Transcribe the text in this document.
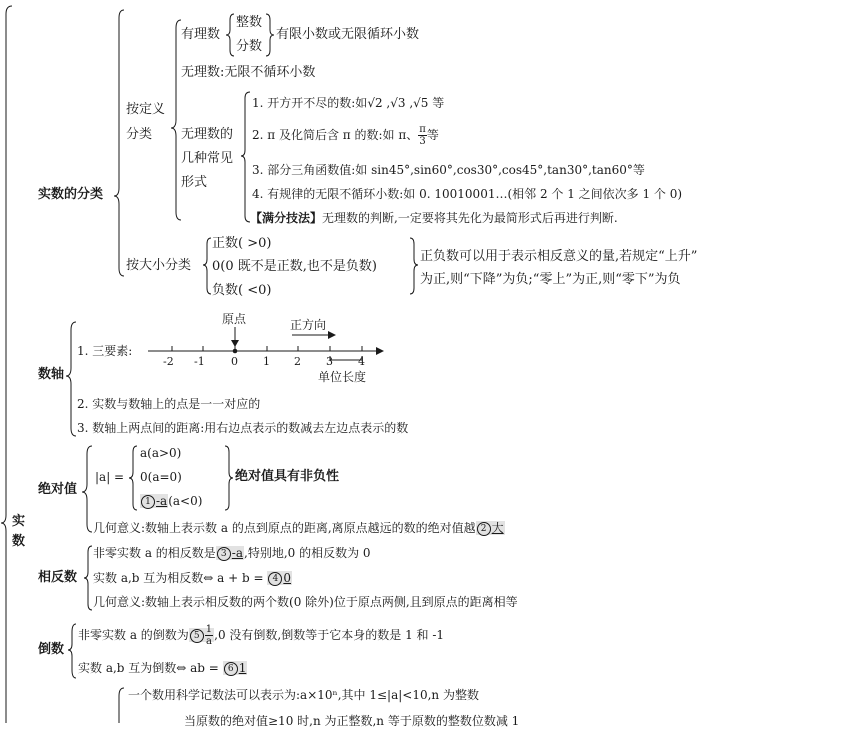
实数
实数的分类
按定义
分类
有理数
整数
分数
有限小数或无限循环小数
无理数:无限不循环小数
无理数的
几种常见
形式
1. 开方开不尽的数:如√2 ,√3 ,√5 等
2. π 及化简后含 π 的数:如 π、 $\frac{\pi}{3}$ 等
3. 部分三角函数值:如 sin45°,sin60°,cos30°,cos45°,tan30°,tan60°等
4. 有规律的无限不循环小数:如 0. 10010001…(相邻 2 个 1 之间依次多 1 个 0)
【满分技法】无理数的判断,一定要将其先化为最简形式后再进行判断.
按大小分类
正数( >0)
0(0 既不是正数,也不是负数)
负数( <0)
正负数可以用于表示相反意义的量,若规定“上升”
为正,则“下降”为负;“零上”为正,则“零下”为负
数轴
1. 三要素:
原点	正方向
单位长度
-2 -1 0 1 2 3 4
2. 实数与数轴上的点是一一对应的
3. 数轴上两点间的距离:用右边点表示的数减去左边点表示的数
绝对值
|a| =
a(a>0)
0(a=0)
1 -a(a<0)
绝对值具有非负性
几何意义:数轴上表示数 a 的点到原点的距离,离原点越远的数的绝对值越 2 大
相反数
非零实数 a 的相反数是 3 -a,特别地,0 的相反数为 0
实数 a,b 互为相反数⇔ a + b = 4 0
几何意义:数轴上表示相反数的两个数(0 除外)位于原点两侧,且到原点的距离相等
倒数
非零实数 a 的倒数为 $5 \frac{1}{a} ,0$ 没有倒数,倒数等于它本身的数是 1 和 -1
实数 a,b 互为倒数⇔ ab = 6 1
一个数用科学记数法可以表示为:a×10ⁿ,其中 1≤|a|<10,n 为整数
当原数的绝对值≥10 时,n 为正整数,n 等于原数的整数位数减 1
